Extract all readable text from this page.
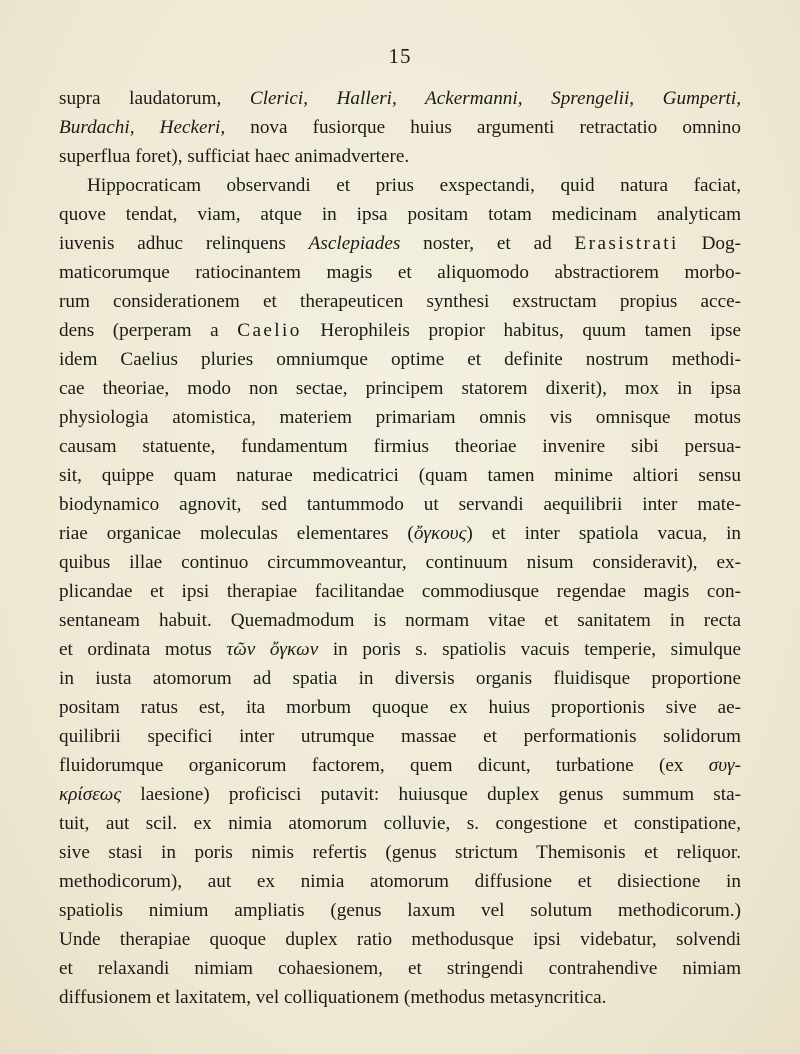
15
supra laudatorum, Clerici, Halleri, Ackermanni, Sprengelii, Gumperti,
Burdachi, Heckeri, nova fusiorque huius argumenti retractatio omnino
superflua foret), sufficiat haec animadvertere.
Hippocraticam observandi et prius exspectandi, quid natura faciat,
quove tendat, viam, atque in ipsa positam totam medicinam analyticam
iuvenis adhuc relinquens Asclepiades noster, et ad Erasistrati Dog-
maticorumque ratiocinantem magis et aliquomodo abstractiorem morbo-
rum considerationem et therapeuticen synthesi exstructam propius acce-
dens (perperam a Caelio Herophileis propior habitus, quum tamen ipse
idem Caelius pluries omniumque optime et definite nostrum methodi-
cae theoriae, modo non sectae, principem statorem dixerit), mox in ipsa
physiologia atomistica, materiem primariam omnis vis omnisque motus
causam statuente, fundamentum firmius theoriae invenire sibi persua-
sit, quippe quam naturae medicatrici (quam tamen minime altiori sensu
biodynamico agnovit, sed tantummodo ut servandi aequilibrii inter mate-
riae organicae moleculas elementares (ὄγκους) et inter spatiola vacua, in
quibus illae continuo circummoveantur, continuum nisum consideravit), ex-
plicandae et ipsi therapiae facilitandae commodiusque regendae magis con-
sentaneam habuit. Quemadmodum is normam vitae et sanitatem in recta
et ordinata motus τῶν ὄγκων in poris s. spatiolis vacuis temperie, simulque
in iusta atomorum ad spatia in diversis organis fluidisque proportione
positam ratus est, ita morbum quoque ex huius proportionis sive ae-
quilibrii specifici inter utrumque massae et performationis solidorum
fluidorumque organicorum factorem, quem dicunt, turbatione (ex συγ-
κρίσεως laesione) proficisci putavit: huiusque duplex genus summum sta-
tuit, aut scil. ex nimia atomorum colluvie, s. congestione et constipatione,
sive stasi in poris nimis refertis (genus strictum Themisonis et reliquor.
methodicorum), aut ex nimia atomorum diffusione et disiectione in
spatiolis nimium ampliatis (genus laxum vel solutum methodicorum.)
Unde therapiae quoque duplex ratio methodusque ipsi videbatur, solvendi
et relaxandi nimiam cohaesionem, et stringendi contrahendive nimiam
diffusionem et laxitatem, vel colliquationem (methodus metasyncritica.
